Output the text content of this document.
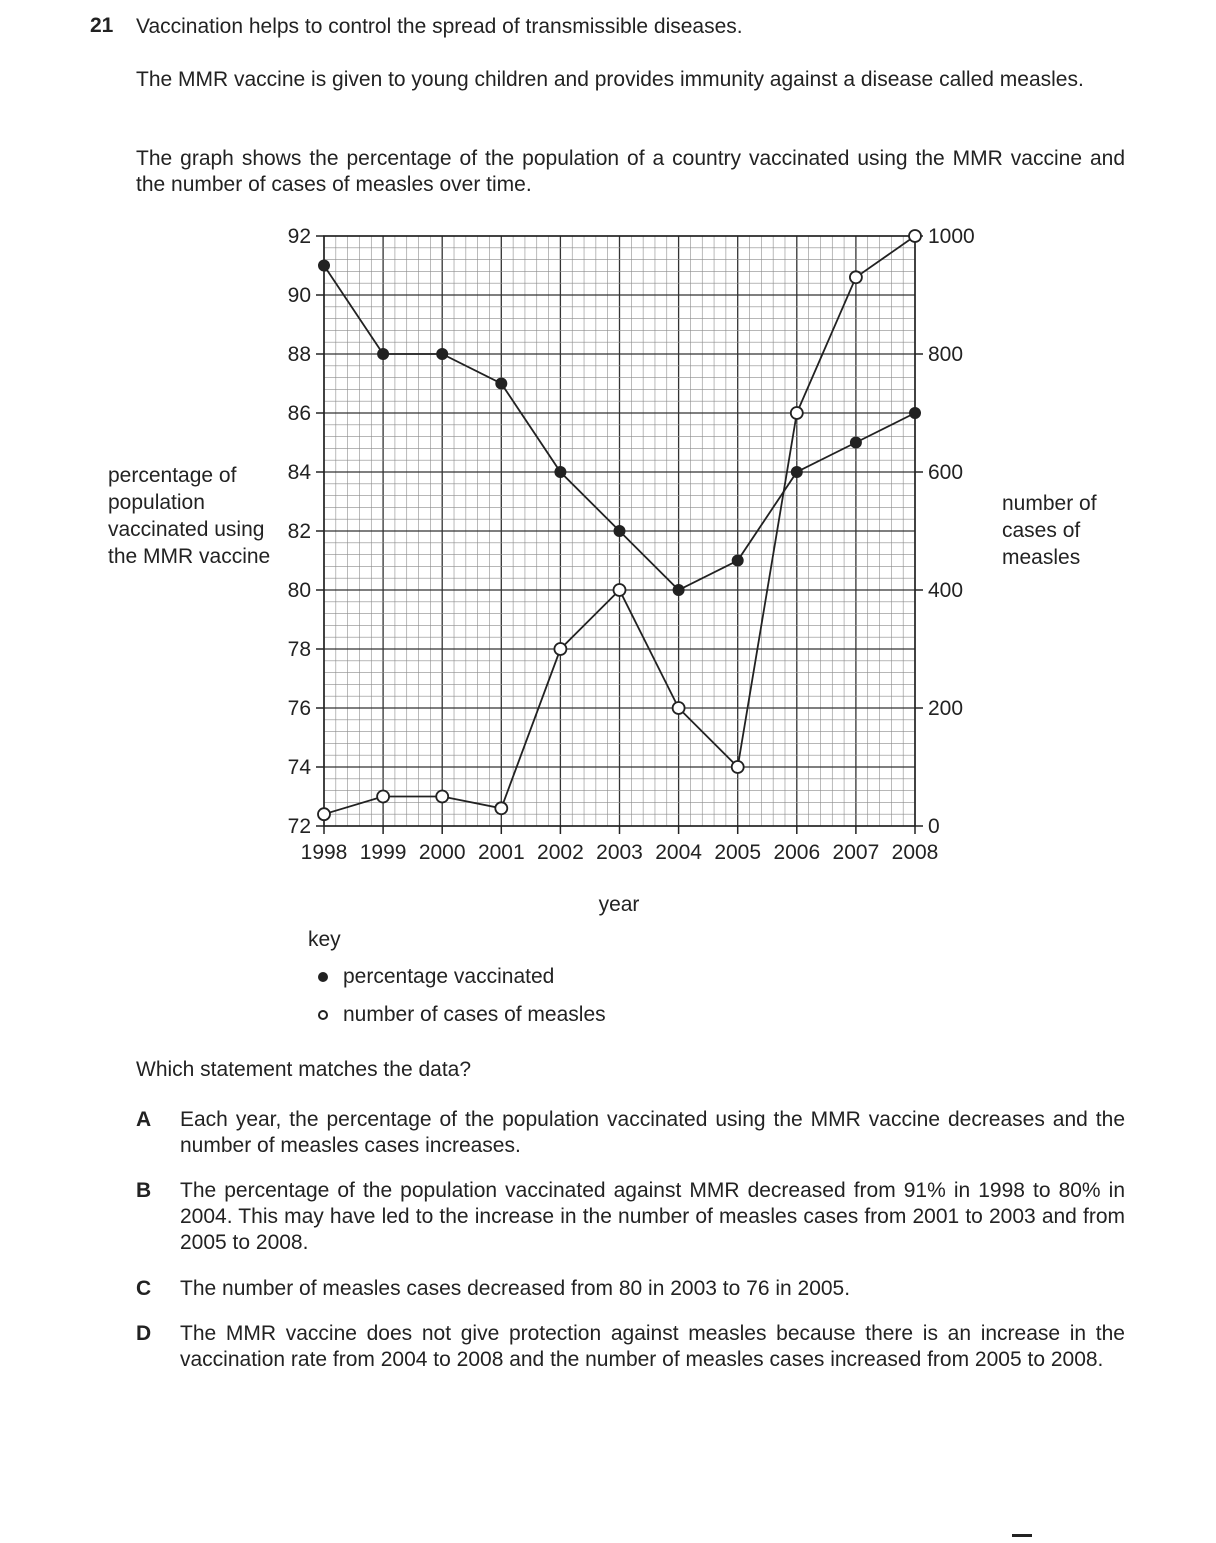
21 Vaccination helps to control the spread of transmissible diseases.
The MMR vaccine is given to young children and provides immunity against a disease called measles.
The graph shows the percentage of the population of a country vaccinated using the MMR vaccine and the number of cases of measles over time.
percentage of population vaccinated using the MMR vaccine
number of cases of measles
72
74
76
78
80
82
84
86
88
90
92
0
200
400
600
800
1000
1998 1999 2000 2001 2002 2003 2004 2005 2006 2007 2008
year
key
percentage vaccinated
number of cases of measles
Which statement matches the data?
A Each year, the percentage of the population vaccinated using the MMR vaccine decreases and the number of measles cases increases.
B The percentage of the population vaccinated against MMR decreased from 91% in 1998 to 80% in 2004. This may have led to the increase in the number of measles cases from 2001 to 2003 and from 2005 to 2008.
C The number of measles cases decreased from 80 in 2003 to 76 in 2005.
D The MMR vaccine does not give protection against measles because there is an increase in the vaccination rate from 2004 to 2008 and the number of measles cases increased from 2005 to 2008.
